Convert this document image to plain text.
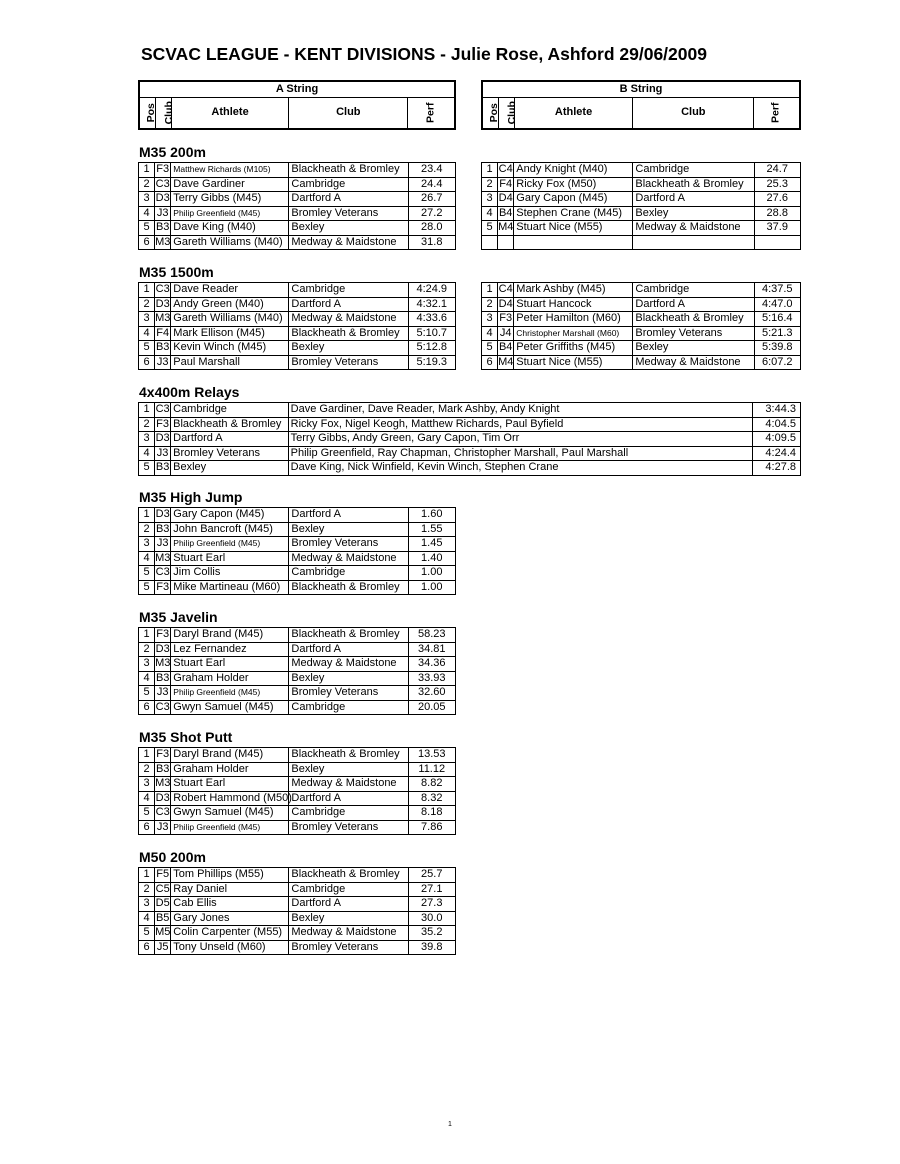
SCVAC LEAGUE - KENT DIVISIONS - Julie Rose, Ashford 29/06/2009
A String
Pos	Club	Athlete	Club	Perf
B String
Pos	Club	Athlete	Club	Perf
M35 200m
M35 1500m
4x400m Relays
M35 High Jump
M35 Javelin
M35 Shot Putt
M50 200m
1	F3	Matthew Richards (M105)	Blackheath & Bromley	23.4
2	C3	Dave Gardiner	Cambridge	24.4
3	D3	Terry Gibbs (M45)	Dartford A	26.7
4	J3	Philip Greenfield (M45)	Bromley Veterans	27.2
5	B3	Dave King (M40)	Bexley	28.0
6	M3	Gareth Williams (M40)	Medway & Maidstone	31.8
1	C4	Andy Knight (M40)	Cambridge	24.7
2	F4	Ricky Fox (M50)	Blackheath & Bromley	25.3
3	D4	Gary Capon (M45)	Dartford A	27.6
4	B4	Stephen Crane (M45)	Bexley	28.8
5	M4	Stuart Nice (M55)	Medway & Maidstone	37.9

1	C3	Dave Reader	Cambridge	4:24.9
2	D3	Andy Green (M40)	Dartford A	4:32.1
3	M3	Gareth Williams (M40)	Medway & Maidstone	4:33.6
4	F4	Mark Ellison (M45)	Blackheath & Bromley	5:10.7
5	B3	Kevin Winch (M45)	Bexley	5:12.8
6	J3	Paul Marshall	Bromley Veterans	5:19.3
1	C4	Mark Ashby (M45)	Cambridge	4:37.5
2	D4	Stuart Hancock	Dartford A	4:47.0
3	F3	Peter Hamilton (M60)	Blackheath & Bromley	5:16.4
4	J4	Christopher Marshall (M60)	Bromley Veterans	5:21.3
5	B4	Peter Griffiths (M45)	Bexley	5:39.8
6	M4	Stuart Nice (M55)	Medway & Maidstone	6:07.2
1	C3	Cambridge	Dave Gardiner, Dave Reader, Mark Ashby, Andy Knight	3:44.3
2	F3	Blackheath & Bromley	Ricky Fox, Nigel Keogh, Matthew Richards, Paul Byfield	4:04.5
3	D3	Dartford A	Terry Gibbs, Andy Green, Gary Capon, Tim Orr	4:09.5
4	J3	Bromley Veterans	Philip Greenfield, Ray Chapman, Christopher Marshall, Paul Marshall	4:24.4
5	B3	Bexley	Dave King, Nick Winfield, Kevin Winch, Stephen Crane	4:27.8
1	D3	Gary Capon (M45)	Dartford A	1.60
2	B3	John Bancroft (M45)	Bexley	1.55
3	J3	Philip Greenfield (M45)	Bromley Veterans	1.45
4	M3	Stuart Earl	Medway & Maidstone	1.40
5	C3	Jim Collis	Cambridge	1.00
5	F3	Mike Martineau (M60)	Blackheath & Bromley	1.00
1	F3	Daryl Brand (M45)	Blackheath & Bromley	58.23
2	D3	Lez Fernandez	Dartford A	34.81
3	M3	Stuart Earl	Medway & Maidstone	34.36
4	B3	Graham Holder	Bexley	33.93
5	J3	Philip Greenfield (M45)	Bromley Veterans	32.60
6	C3	Gwyn Samuel (M45)	Cambridge	20.05
1	F3	Daryl Brand (M45)	Blackheath & Bromley	13.53
2	B3	Graham Holder	Bexley	11.12
3	M3	Stuart Earl	Medway & Maidstone	8.82
4	D3	Robert Hammond (M50)	Dartford A	8.32
5	C3	Gwyn Samuel (M45)	Cambridge	8.18
6	J3	Philip Greenfield (M45)	Bromley Veterans	7.86
1	F5	Tom Phillips (M55)	Blackheath & Bromley	25.7
2	C5	Ray Daniel	Cambridge	27.1
3	D5	Cab Ellis	Dartford A	27.3
4	B5	Gary Jones	Bexley	30.0
5	M5	Colin Carpenter (M55)	Medway & Maidstone	35.2
6	J5	Tony Unseld (M60)	Bromley Veterans	39.8
1
